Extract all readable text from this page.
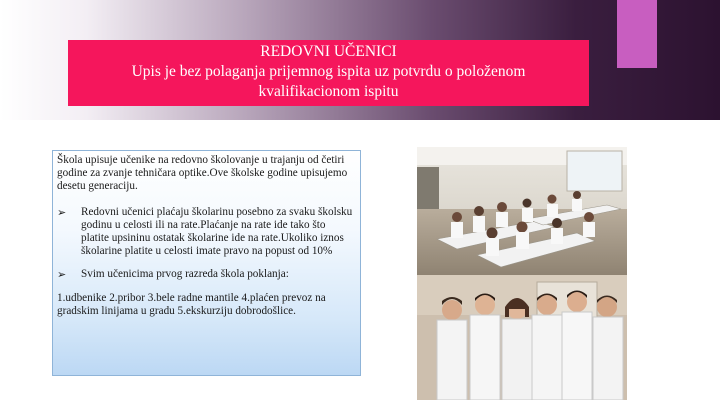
REDOVNI UČENICI
Upis je bez polaganja prijemnog ispita uz potvrdu o položenom
kvalifikacionom ispitu

Škola upisuje učenike na redovno školovanje u trajanju od četiri godine za zvanje tehničara optike.Ove školske godine upisujemo desetu generaciju.

➢ Redovni učenici plaćaju školarinu posebno za svaku školsku godinu u celosti ili na rate.Plaćanje na rate ide tako što platite upsininu ostatak školarine ide na rate.Ukoliko iznos školarine platite u celosti imate pravo na popust od 10%

➢ Svim učenicima prvog razreda škola poklanja:

1.udbenike 2.pribor 3.bele radne mantile 4.plaćen prevoz na gradskim linijama u gradu 5.ekskurziju dobrodošlice.
